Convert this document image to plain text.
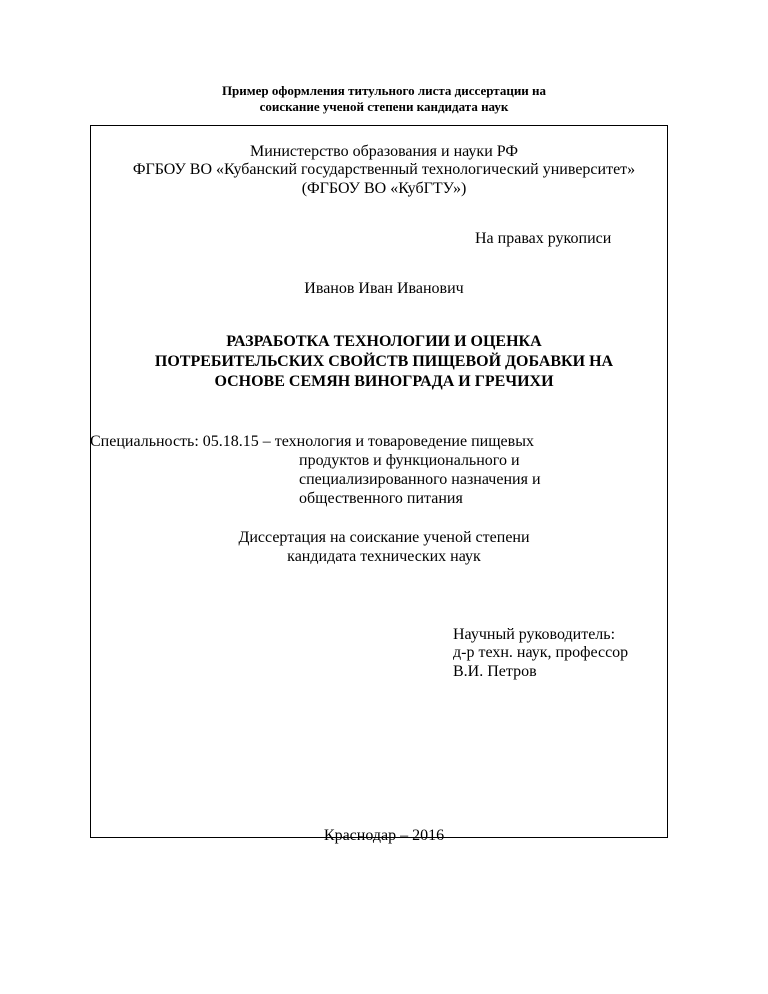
Пример оформления титульного листа диссертации на
соискание ученой степени кандидата наук
Министерство образования и науки РФ
ФГБОУ ВО «Кубанский государственный технологический университет»
(ФГБОУ ВО «КубГТУ»)
На правах рукописи
Иванов Иван Иванович
РАЗРАБОТКА ТЕХНОЛОГИИ И ОЦЕНКА
ПОТРЕБИТЕЛЬСКИХ СВОЙСТВ ПИЩЕВОЙ ДОБАВКИ НА
ОСНОВЕ СЕМЯН ВИНОГРАДА И ГРЕЧИХИ
Специальность: 05.18.15 – технология и товароведение пищевых
продуктов и функционального и
специализированного назначения и
общественного питания
Диссертация на соискание ученой степени
кандидата технических наук
Научный руководитель:
д-р техн. наук, профессор
В.И. Петров
Краснодар – 2016
